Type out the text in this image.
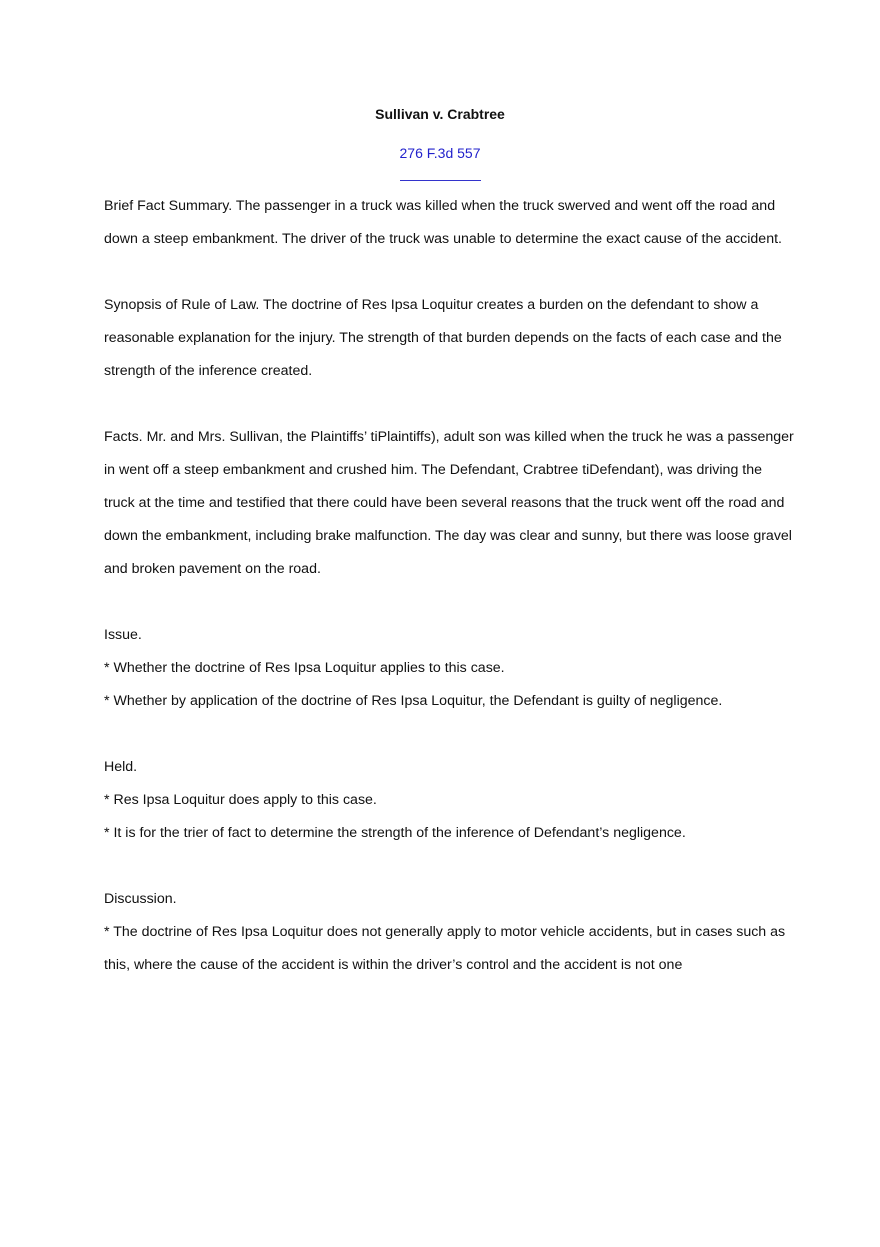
Sullivan v. Crabtree
276 F.3d 557

Brief Fact Summary. The passenger in a truck was killed when the truck swerved and went off the road and down a steep embankment. The driver of the truck was unable to determine the exact cause of the accident.

Synopsis of Rule of Law. The doctrine of Res Ipsa Loquitur creates a burden on the defendant to show a reasonable explanation for the injury. The strength of that burden depends on the facts of each case and the strength of the inference created.

Facts. Mr. and Mrs. Sullivan, the Plaintiffs’ tiPlaintiffs), adult son was killed when the truck he was a passenger in went off a steep embankment and crushed him. The Defendant, Crabtree tiDefendant), was driving the truck at the time and testified that there could have been several reasons that the truck went off the road and down the embankment, including brake malfunction. The day was clear and sunny, but there was loose gravel and broken pavement on the road.

Issue.

* Whether the doctrine of Res Ipsa Loquitur applies to this case.

* Whether by application of the doctrine of Res Ipsa Loquitur, the Defendant is guilty of negligence.

Held.

* Res Ipsa Loquitur does apply to this case.

* It is for the trier of fact to determine the strength of the inference of Defendant’s negligence.

Discussion.

* The doctrine of Res Ipsa Loquitur does not generally apply to motor vehicle accidents, but in cases such as this, where the cause of the accident is within the driver’s control and the accident is not one
